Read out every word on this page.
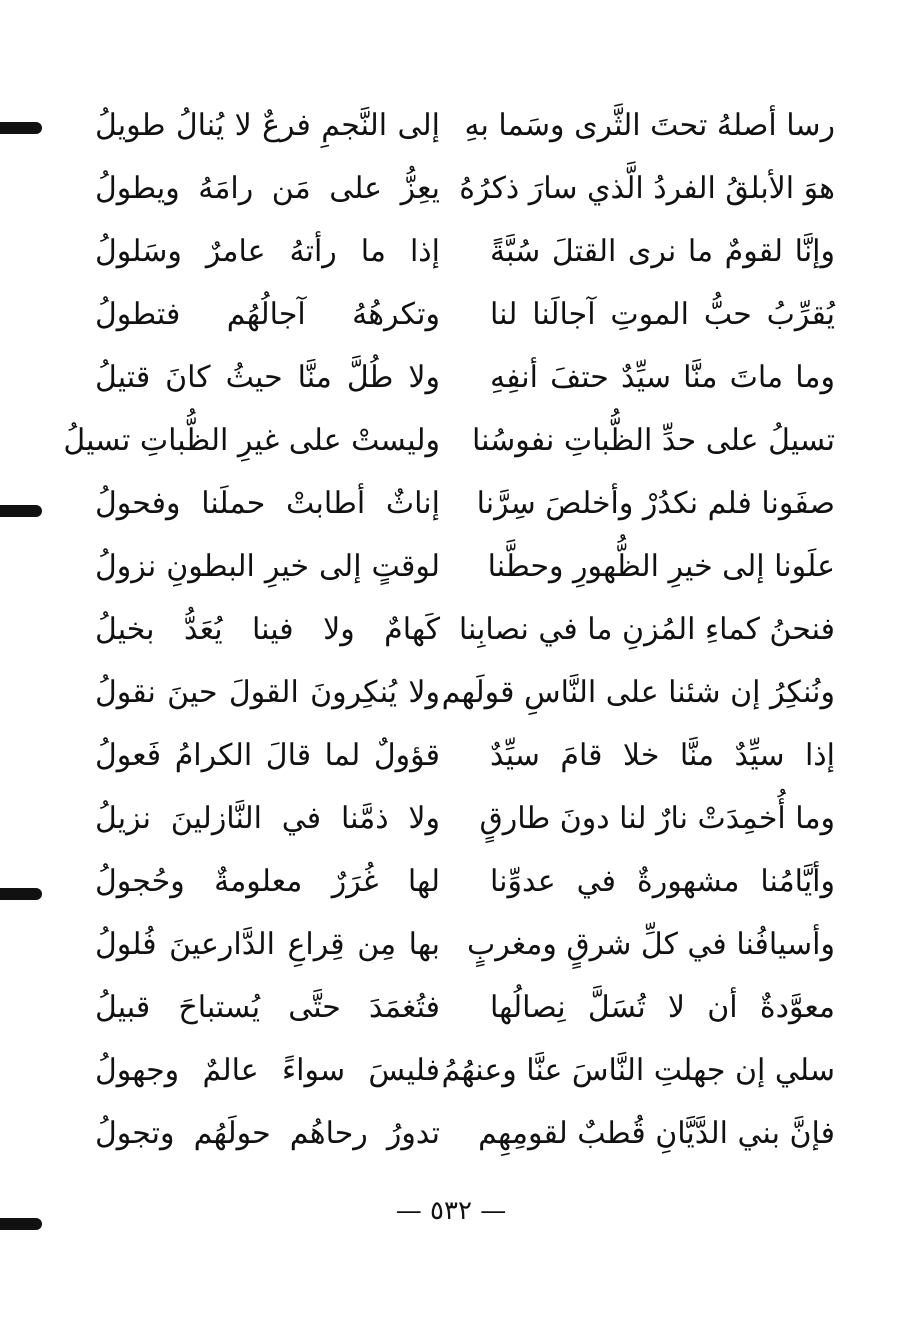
رسا أصلهُ تحتَ الثَّرى وسَما بهِ
إلى النَّجمِ فرعٌ لا يُنالُ طويلُ
هوَ الأبلقُ الفردُ الَّذي سارَ ذكرُهُ
يعِزُّ على مَن رامَهُ ويطولُ
وإنَّا لقومٌ ما نرى القتلَ سُبَّةً
إذا ما رأتهُ عامرٌ وسَلولُ
يُقرِّبُ حبُّ الموتِ آجالَنا لنا
وتكرهُهُ آجالُهُم فتطولُ
وما ماتَ منَّا سيِّدٌ حتفَ أنفِهِ
ولا طُلَّ منَّا حيثُ كانَ قتيلُ
تسيلُ على حدِّ الظُّباتِ نفوسُنا
وليستْ على غيرِ الظُّباتِ تسيلُ
صفَونا فلم نكدُرْ وأخلصَ سِرَّنا
إناثٌ أطابتْ حملَنا وفحولُ
علَونا إلى خيرِ الظُّهورِ وحطَّنا
لوقتٍ إلى خيرِ البطونِ نزولُ
فنحنُ كماءِ المُزنِ ما في نصابِنا
كَهامٌ ولا فينا يُعَدُّ بخيلُ
ونُنكِرُ إن شئنا على النَّاسِ قولَهم
ولا يُنكِرونَ القولَ حينَ نقولُ
إذا سيِّدٌ منَّا خلا قامَ سيِّدٌ
قؤولٌ لما قالَ الكرامُ فَعولُ
وما أُخمِدَتْ نارٌ لنا دونَ طارقٍ
ولا ذمَّنا في النَّازلينَ نزيلُ
وأيَّامُنا مشهورةٌ في عدوِّنا
لها غُرَرٌ معلومةٌ وحُجولُ
وأسيافُنا في كلِّ شرقٍ ومغربٍ
بها مِن قِراعِ الدَّارعينَ فُلولُ
معوَّدةٌ أن لا تُسَلَّ نِصالُها
فتُغمَدَ حتَّى يُستباحَ قبيلُ
سلي إن جهلتِ النَّاسَ عنَّا وعنهُمُ
فليسَ سواءً عالمٌ وجهولُ
فإنَّ بني الدَّيَّانِ قُطبٌ لقومِهِم
تدورُ رحاهُم حولَهُم وتجولُ
— ٥٣٢ —
